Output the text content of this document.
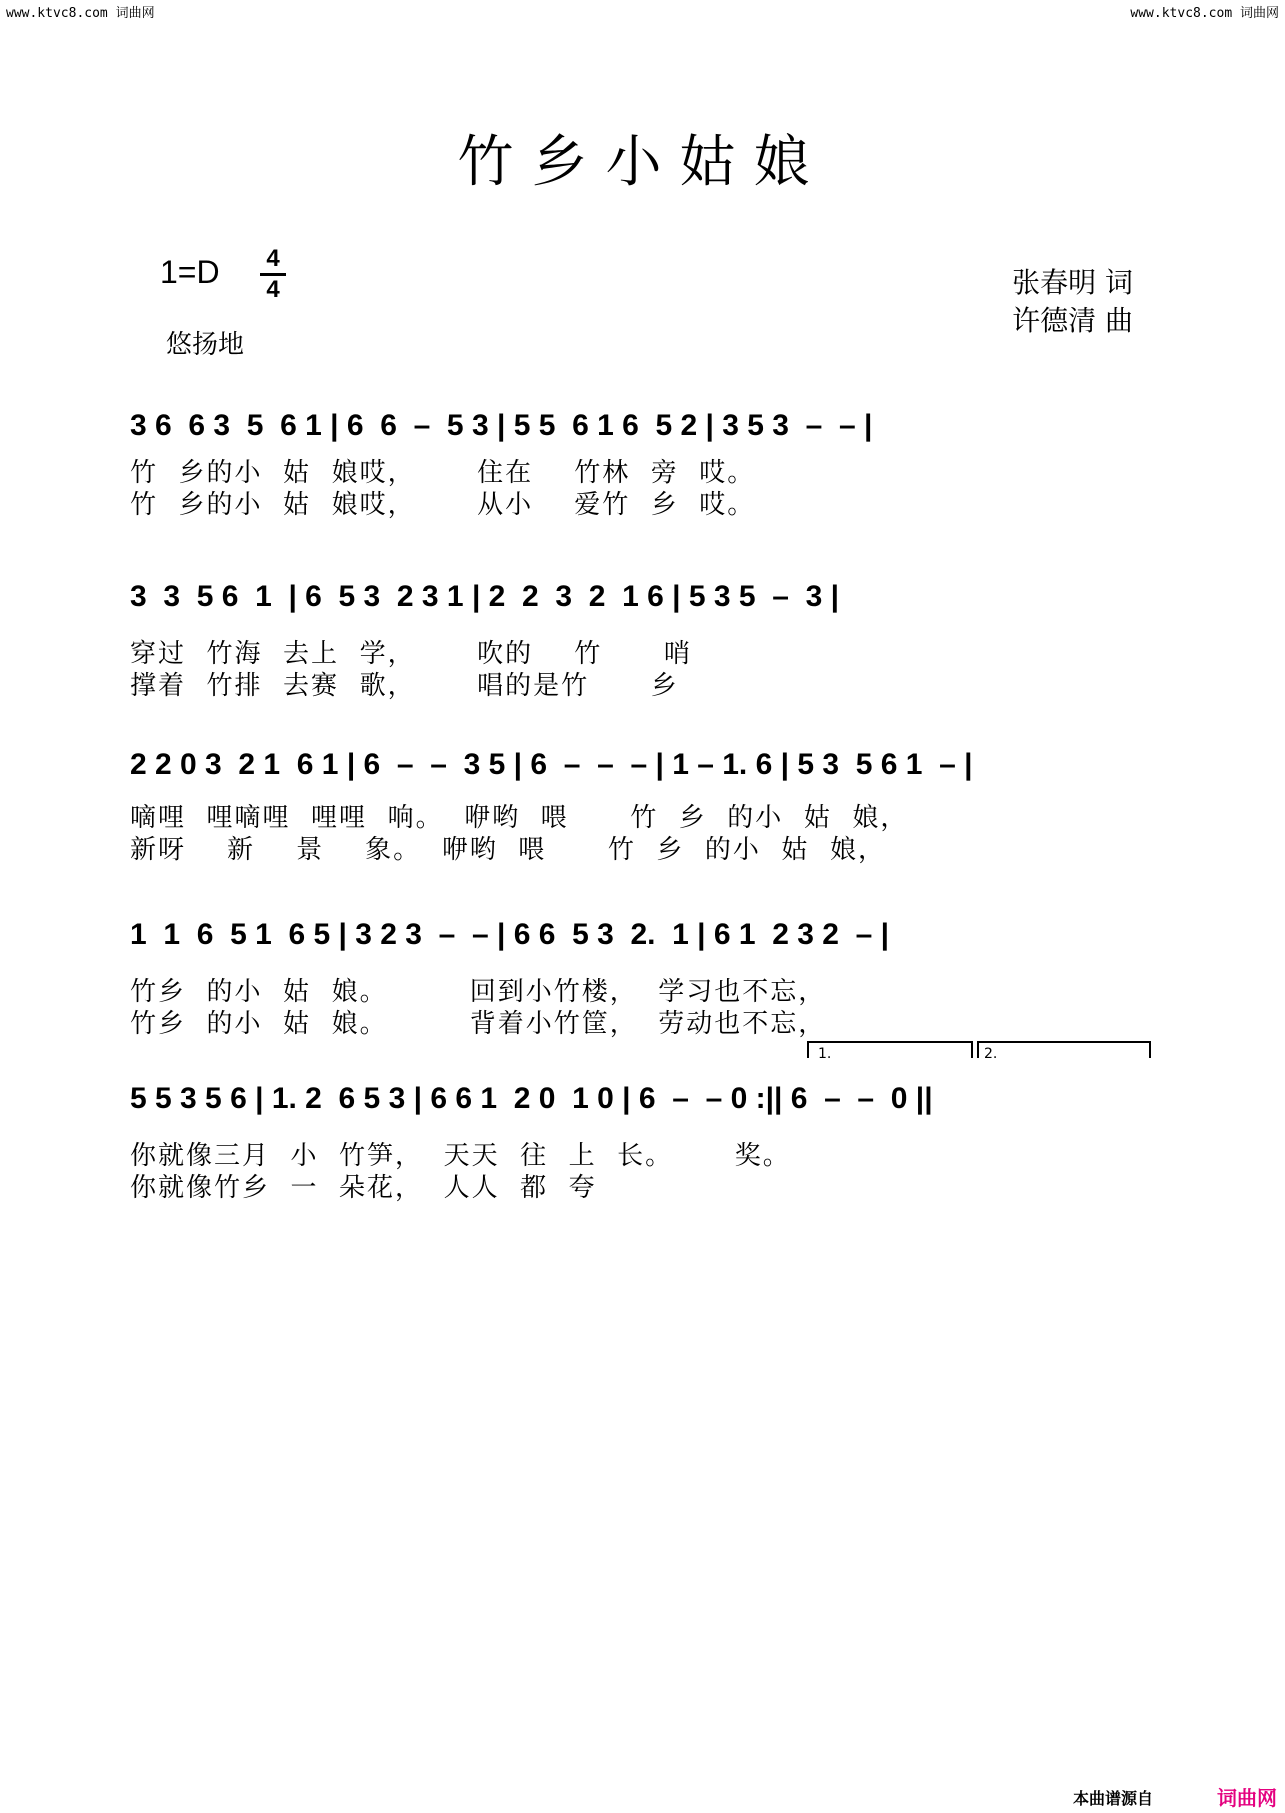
www.ktvc8.com 词曲网	www.ktvc8.com 词曲网
竹乡小姑娘
1=D 4
4
悠扬地
张春明 词
许德清 曲
3 6  6 3  5  6 1 | 6  6  –  5 3 | 5 5  6 1 6  5 2 | 3 5 3  –  – |
竹  乡的小  姑  娘哎，      住在    竹林  旁  哎。
竹  乡的小  姑  娘哎，      从小    爱竹  乡  哎。
3  3  5 6  1  | 6  5 3  2 3 1 | 2  2  3  2  1 6 | 5 3 5  –  3 |
穿过  竹海  去上  学，      吹的    竹      哨
撑着  竹排  去赛  歌，      唱的是竹      乡
2 2 0 3  2 1  6 1 | 6  –  –  3 5 | 6  –  –  – | 1 – 1. 6 | 5 3  5 6 1  – |
嘀哩  哩嘀哩  哩哩  响。  咿哟  喂      竹  乡  的小  姑  娘，
新呀    新    景    象。  咿哟  喂      竹  乡  的小  姑  娘，
1  1  6  5 1  6 5 | 3 2 3  –  – | 6 6  5 3  2.  1 | 6 1  2 3 2  – |
竹乡  的小  姑  娘。        回到小竹楼，  学习也不忘，
竹乡  的小  姑  娘。        背着小竹筐，  劳动也不忘，
5 5 3 5 6 | 1. 2  6 5 3 | 6 6 1  2 0  1 0 | 6  –  – 0 :|| 6  –  –  0 ||
你就像三月  小  竹笋，  天天  往  上  长。      奖。
你就像竹乡  一  朵花，  人人  都  夸
1.	2.
本曲谱源自	词曲网
